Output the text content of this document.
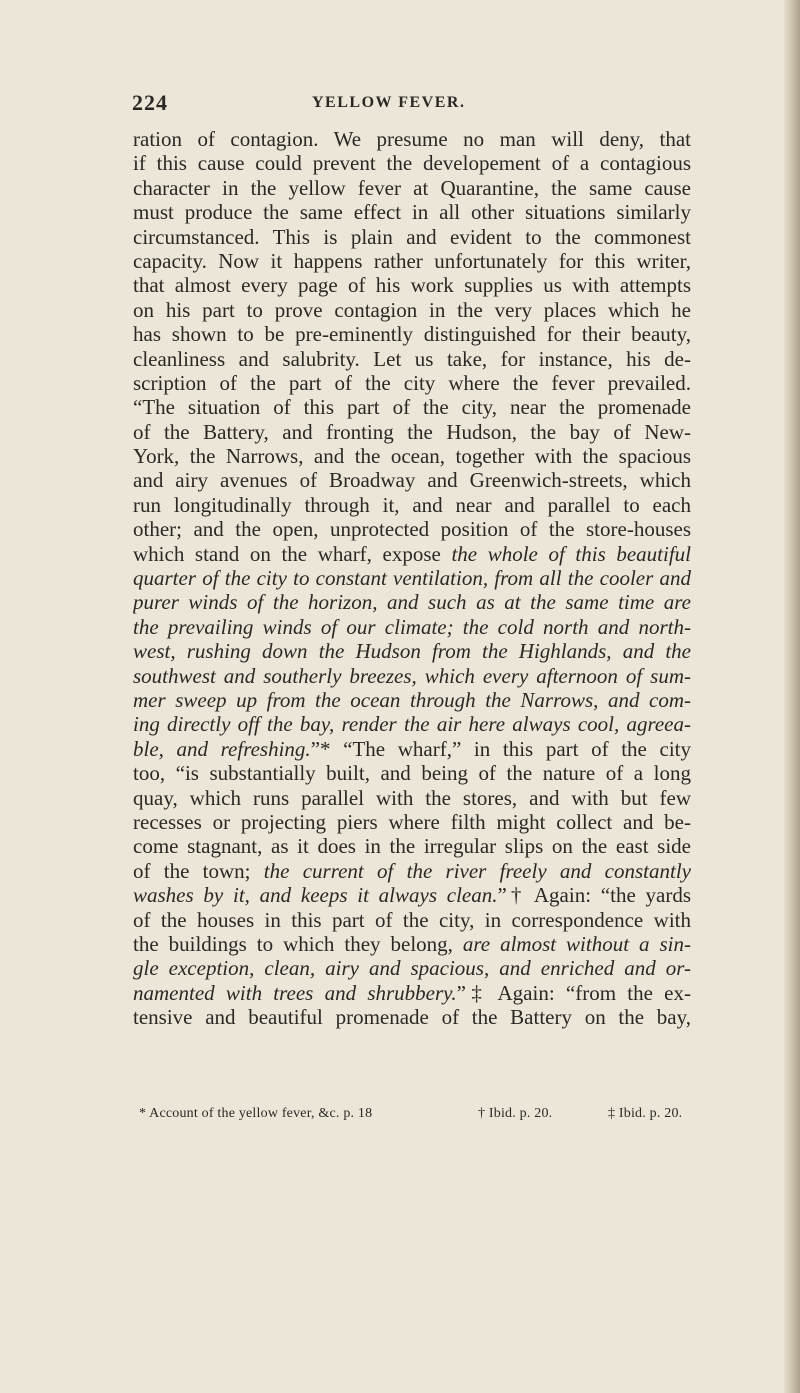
224	YELLOW FEVER.
ration of contagion. We presume no man will deny, that
if this cause could prevent the developement of a contagious
character in the yellow fever at Quarantine, the same cause
must produce the same effect in all other situations similarly
circumstanced. This is plain and evident to the commonest
capacity. Now it happens rather unfortunately for this writer,
that almost every page of his work supplies us with attempts
on his part to prove contagion in the very places which he
has shown to be pre-eminently distinguished for their beauty,
cleanliness and salubrity. Let us take, for instance, his de-
scription of the part of the city where the fever prevailed.
“The situation of this part of the city, near the promenade
of the Battery, and fronting the Hudson, the bay of New-
York, the Narrows, and the ocean, together with the spacious
and airy avenues of Broadway and Greenwich-streets, which
run longitudinally through it, and near and parallel to each
other; and the open, unprotected position of the store-houses
which stand on the wharf, expose the whole of this beautiful
quarter of the city to constant ventilation, from all the cooler and
purer winds of the horizon, and such as at the same time are
the prevailing winds of our climate; the cold north and north-
west, rushing down the Hudson from the Highlands, and the
southwest and southerly breezes, which every afternoon of sum-
mer sweep up from the ocean through the Narrows, and com-
ing directly off the bay, render the air here always cool, agreea-
ble, and refreshing.”* “The wharf,” in this part of the city
too, “is substantially built, and being of the nature of a long
quay, which runs parallel with the stores, and with but few
recesses or projecting piers where filth might collect and be-
come stagnant, as it does in the irregular slips on the east side
of the town; the current of the river freely and constantly
washes by it, and keeps it always clean.”† Again: “the yards
of the houses in this part of the city, in correspondence with
the buildings to which they belong, are almost without a sin-
gle exception, clean, airy and spacious, and enriched and or-
namented with trees and shrubbery.”‡ Again: “from the ex-
tensive and beautiful promenade of the Battery on the bay,
* Account of the yellow fever, &c. p. 18	† Ibid. p. 20.	‡ Ibid. p. 20.
